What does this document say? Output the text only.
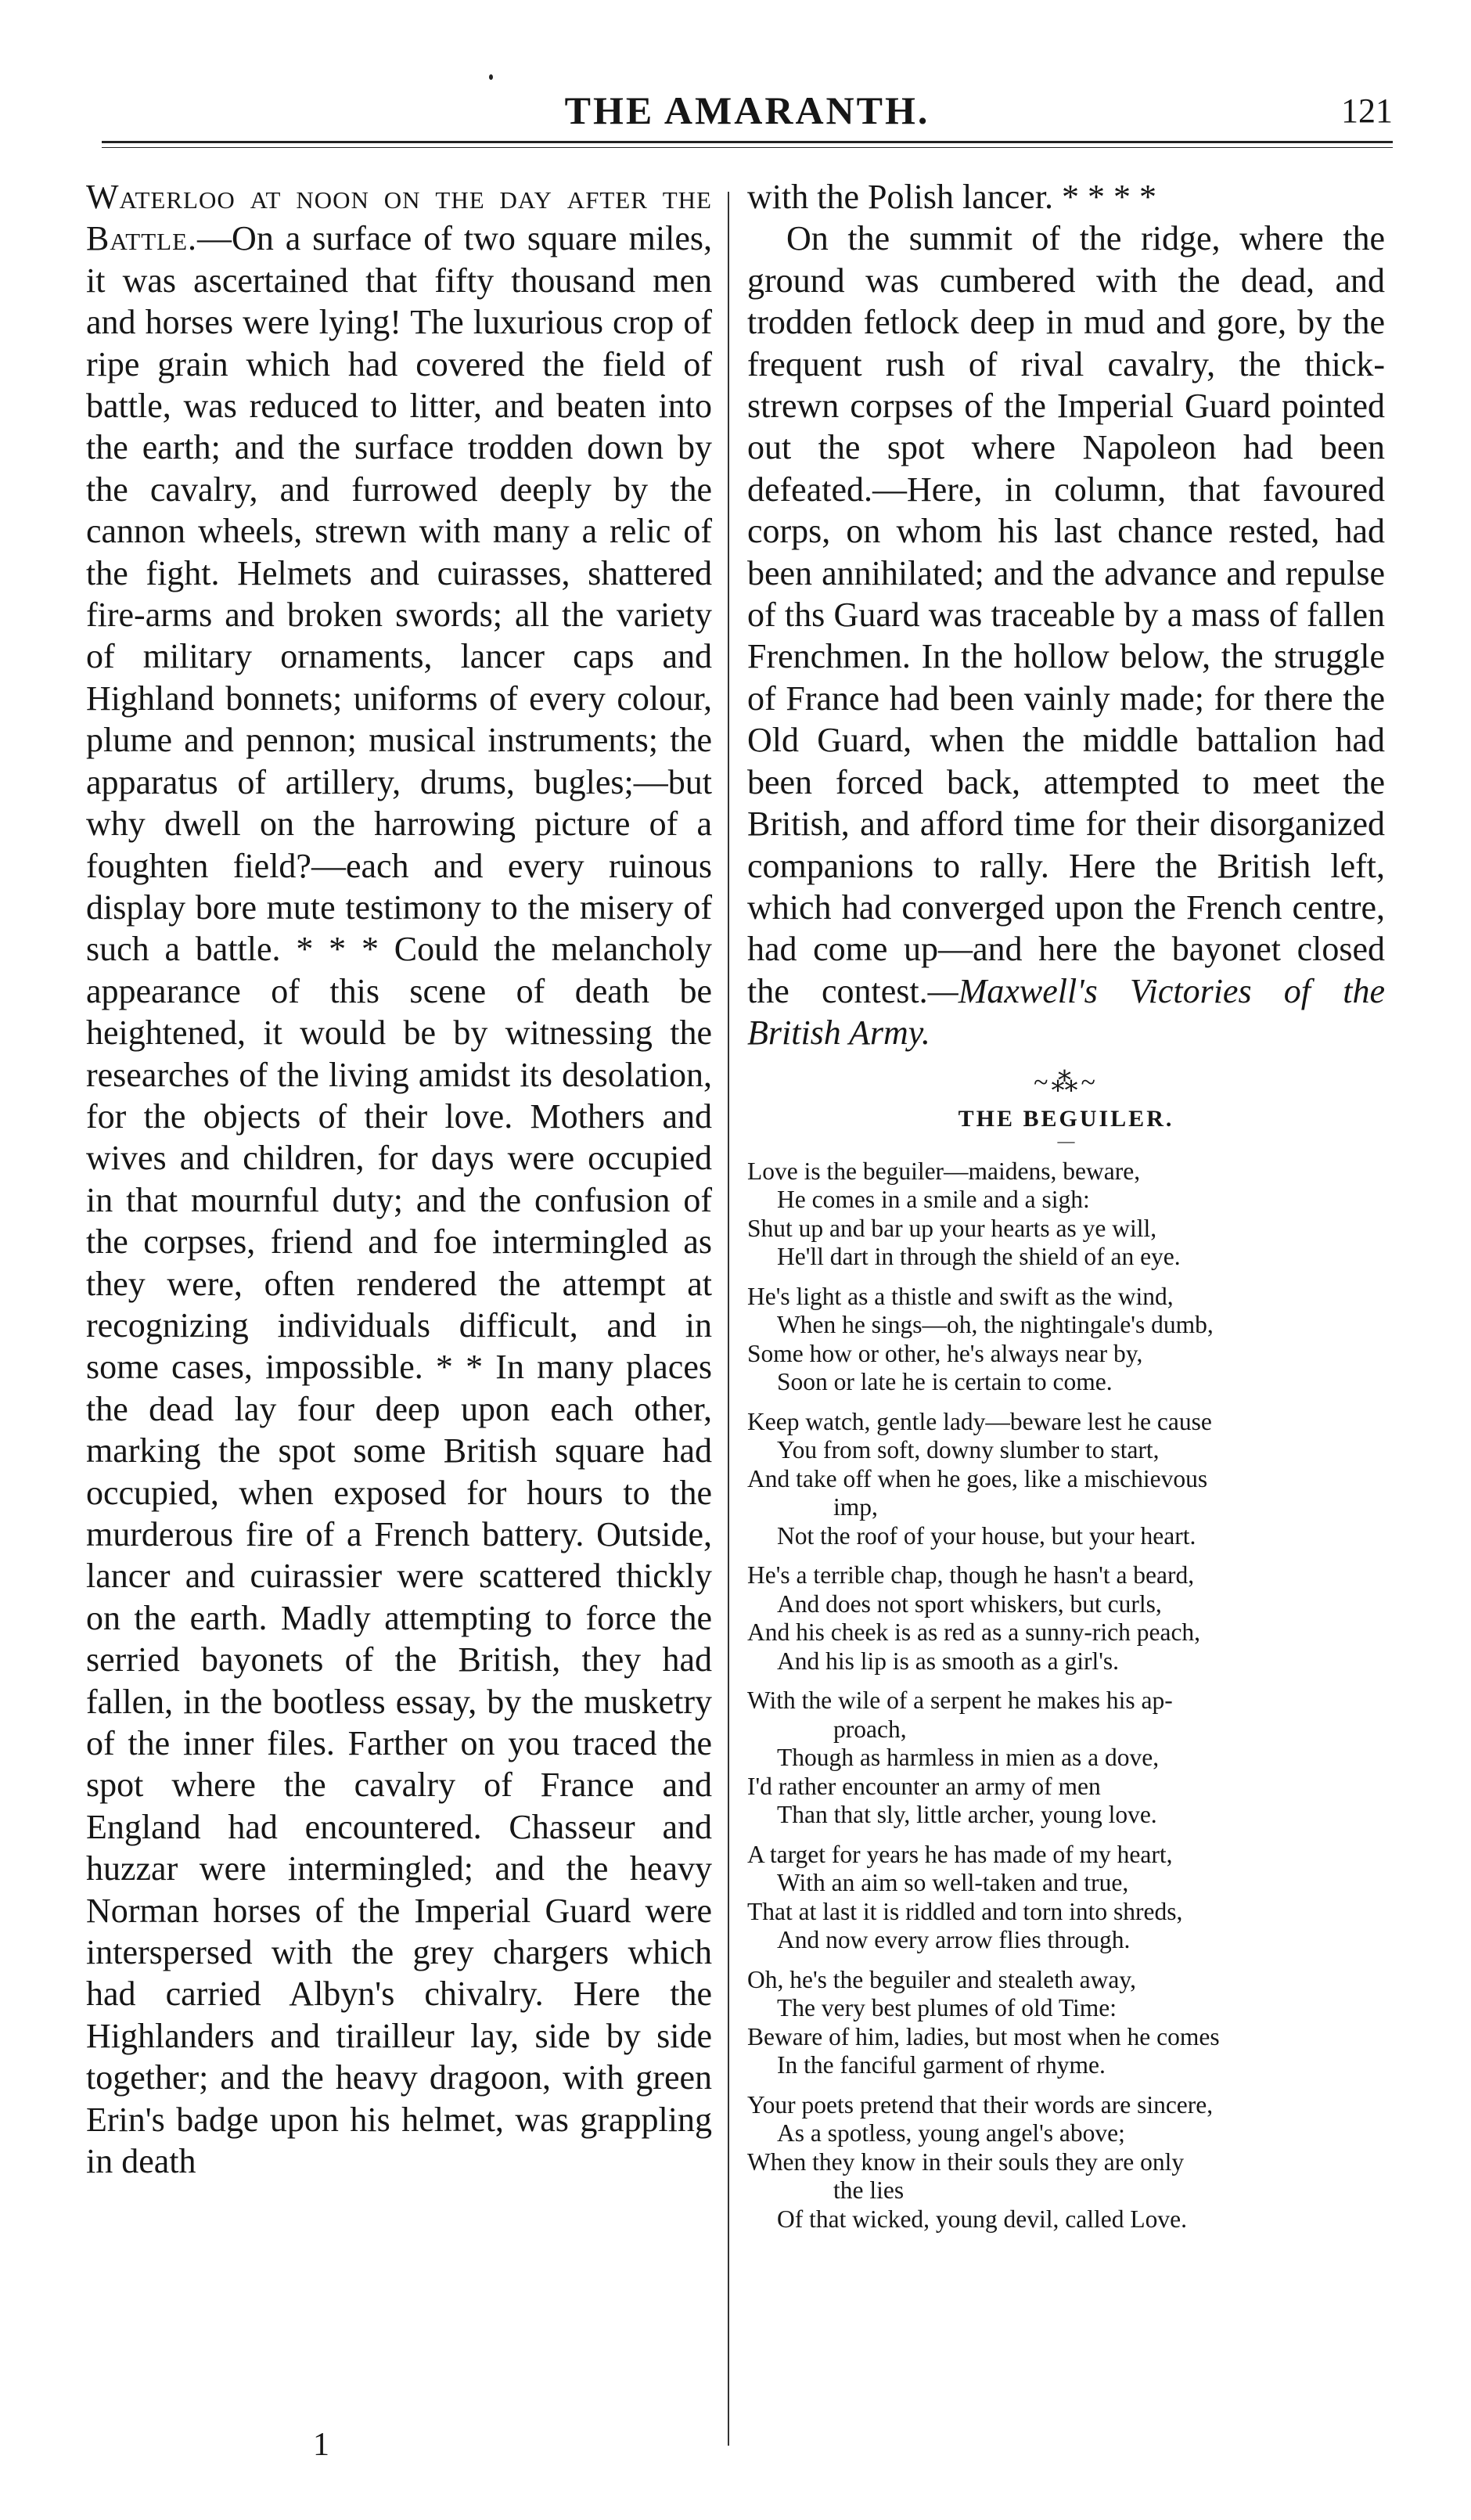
THE AMARANTH.	121

Waterloo at noon on the day after the Battle.—On a surface of two square miles, it was ascertained that fifty thousand men and horses were lying! The luxurious crop of ripe grain which had covered the field of battle, was reduced to litter, and beaten into the earth; and the surface trodden down by the cavalry, and furrowed deeply by the cannon wheels, strewn with many a relic of the fight. Helmets and cuirasses, shattered fire-arms and broken swords; all the variety of military ornaments, lancer caps and Highland bonnets; uniforms of every colour, plume and pennon; musical instruments; the apparatus of artillery, drums, bugles;—but why dwell on the harrowing picture of a foughten field?—each and every ruinous display bore mute testimony to the misery of such a battle. * * * Could the melancholy appearance of this scene of death be heightened, it would be by witnessing the researches of the living amidst its desolation, for the objects of their love. Mothers and wives and children, for days were occupied in that mournful duty; and the confusion of the corpses, friend and foe intermingled as they were, often rendered the attempt at recognizing individuals difficult, and in some cases, impossible. * * In many places the dead lay four deep upon each other, marking the spot some British square had occupied, when exposed for hours to the murderous fire of a French battery. Outside, lancer and cuirassier were scattered thickly on the earth. Madly attempting to force the serried bayonets of the British, they had fallen, in the bootless essay, by the musketry of the inner files. Farther on you traced the spot where the cavalry of France and England had encountered. Chasseur and huzzar were intermingled; and the heavy Norman horses of the Imperial Guard were interspersed with the grey chargers which had carried Albyn's chivalry. Here the Highlanders and tirailleur lay, side by side together; and the heavy dragoon, with green Erin's badge upon his helmet, was grappling in death

with the Polish lancer. * * * *

On the summit of the ridge, where the ground was cumbered with the dead, and trodden fetlock deep in mud and gore, by the frequent rush of rival cavalry, the thick-strewn corpses of the Imperial Guard pointed out the spot where Napoleon had been defeated.—Here, in column, that favoured corps, on whom his last chance rested, had been annihilated; and the advance and repulse of ths Guard was traceable by a mass of fallen Frenchmen. In the hollow below, the struggle of France had been vainly made; for there the Old Guard, when the middle battalion had been forced back, attempted to meet the British, and afford time for their disorganized companions to rally. Here the British left, which had converged upon the French centre, had come up—and here the bayonet closed the contest.—Maxwell's Victories of the British Army.

~⁂~
THE BEGUILER.
—
Love is the beguiler—maidens, beware,
He comes in a smile and a sigh:
Shut up and bar up your hearts as ye will,
He'll dart in through the shield of an eye.
He's light as a thistle and swift as the wind,
When he sings—oh, the nightingale's dumb,
Some how or other, he's always near by,
Soon or late he is certain to come.
Keep watch, gentle lady—beware lest he cause
You from soft, downy slumber to start,
And take off when he goes, like a mischievous
imp,
Not the roof of your house, but your heart.
He's a terrible chap, though he hasn't a beard,
And does not sport whiskers, but curls,
And his cheek is as red as a sunny-rich peach,
And his lip is as smooth as a girl's.
With the wile of a serpent he makes his ap-
proach,
Though as harmless in mien as a dove,
I'd rather encounter an army of men
Than that sly, little archer, young love.
A target for years he has made of my heart,
With an aim so well-taken and true,
That at last it is riddled and torn into shreds,
And now every arrow flies through.
Oh, he's the beguiler and stealeth away,
The very best plumes of old Time:
Beware of him, ladies, but most when he comes
In the fanciful garment of rhyme.
Your poets pretend that their words are sincere,
As a spotless, young angel's above;
When they know in their souls they are only
the lies
Of that wicked, young devil, called Love.
1
